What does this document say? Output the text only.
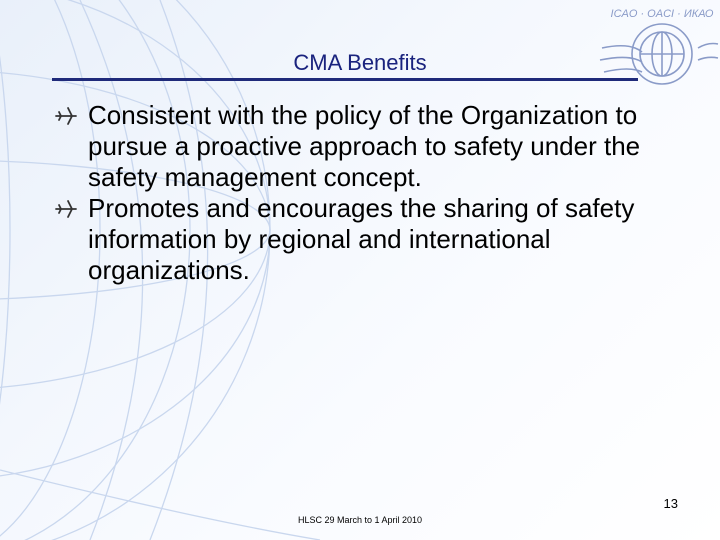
ICAO · OACI · ИКАО
CMA Benefits
Consistent with the policy of the Organization to pursue a proactive approach to safety under the safety management concept.
Promotes and encourages the sharing of safety information by regional and international organizations.
13
HLSC 29 March to 1 April 2010
